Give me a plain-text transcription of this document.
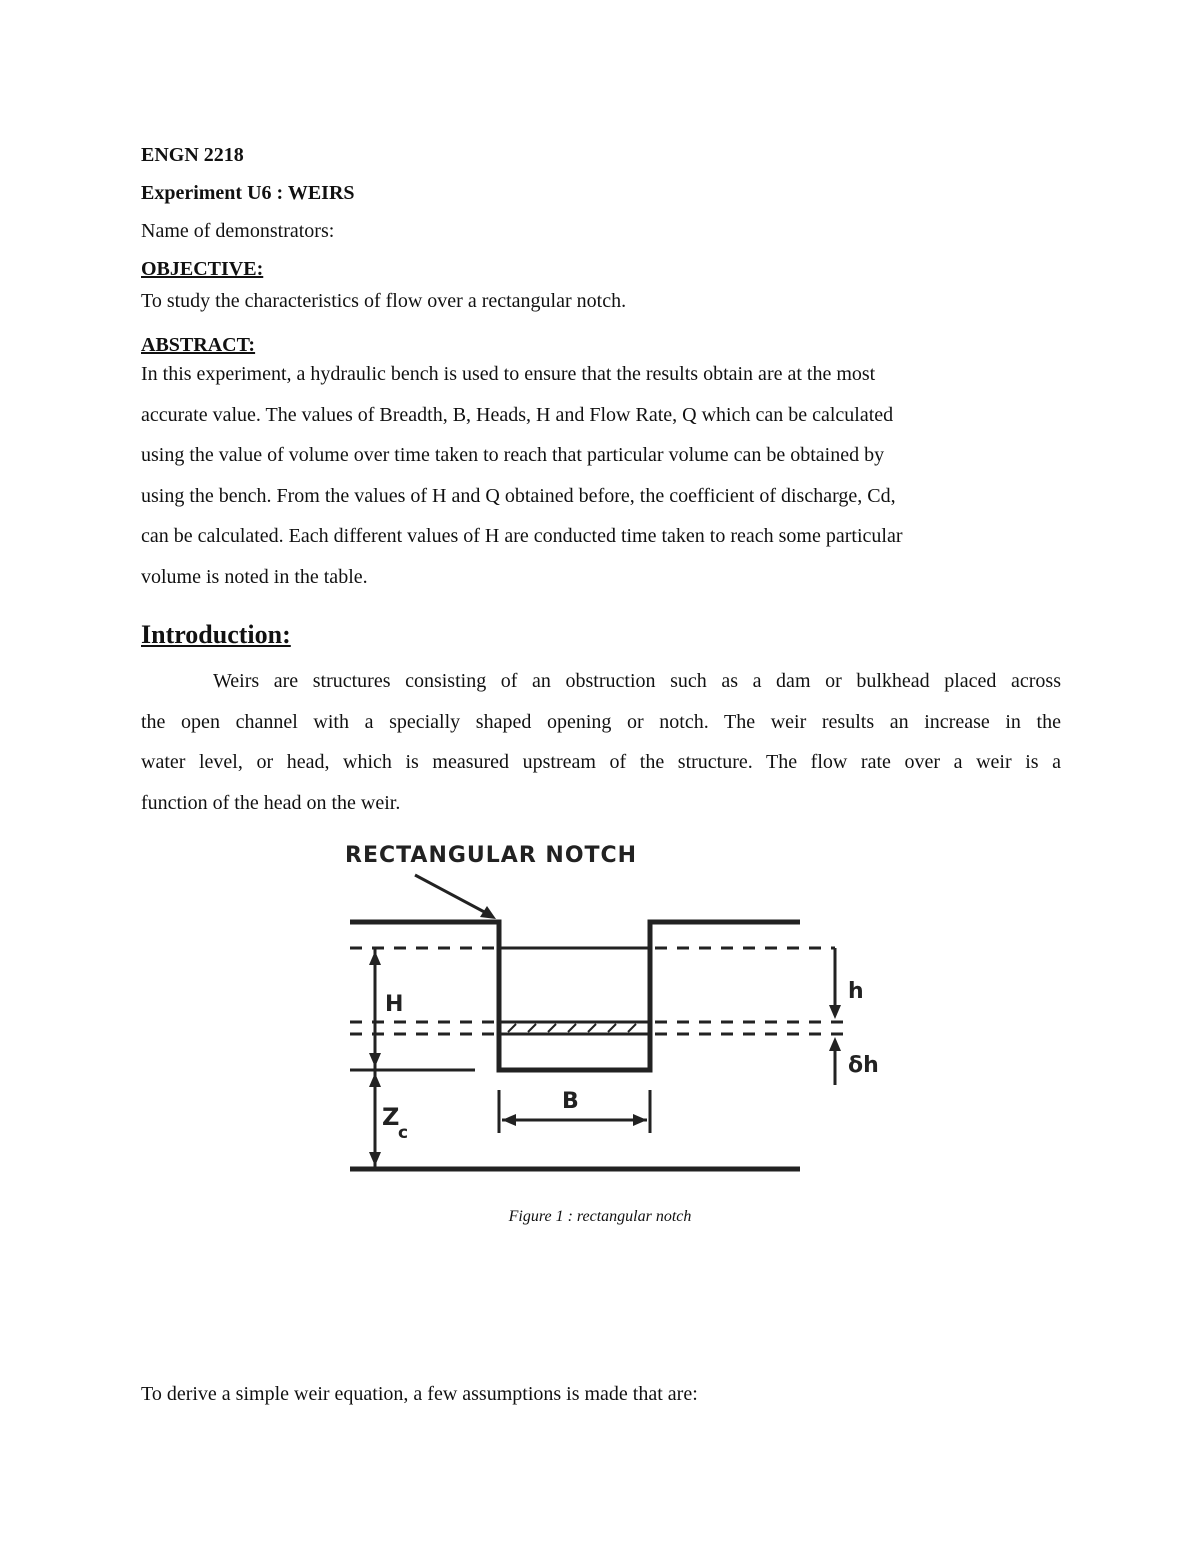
ENGN 2218
Experiment U6 : WEIRS
Name of demonstrators:
OBJECTIVE:
To study the characteristics of flow over a rectangular notch.
ABSTRACT:

In this experiment, a hydraulic bench is used to ensure that the results obtain are at the most

accurate value. The values of Breadth, B, Heads, H and Flow Rate, Q which can be calculated

using the value of volume over time taken to reach that particular volume can be obtained by

using the bench. From the values of H and Q obtained before, the coefficient of discharge, Cd,

can be calculated. Each different values of H are conducted time taken to reach some particular

volume is noted in the table.

Introduction:

Weirs are structures consisting of an obstruction such as a dam or bulkhead placed across

the open channel with a specially shaped opening or notch. The weir results an increase in the

water level, or head, which is measured upstream of the structure. The flow rate over a weir is a

function of the head on the weir.

RECTANGULAR NOTCH
H
h
δh
B
Z
c
Figure 1 : rectangular notch
To derive a simple weir equation, a few assumptions is made that are:
